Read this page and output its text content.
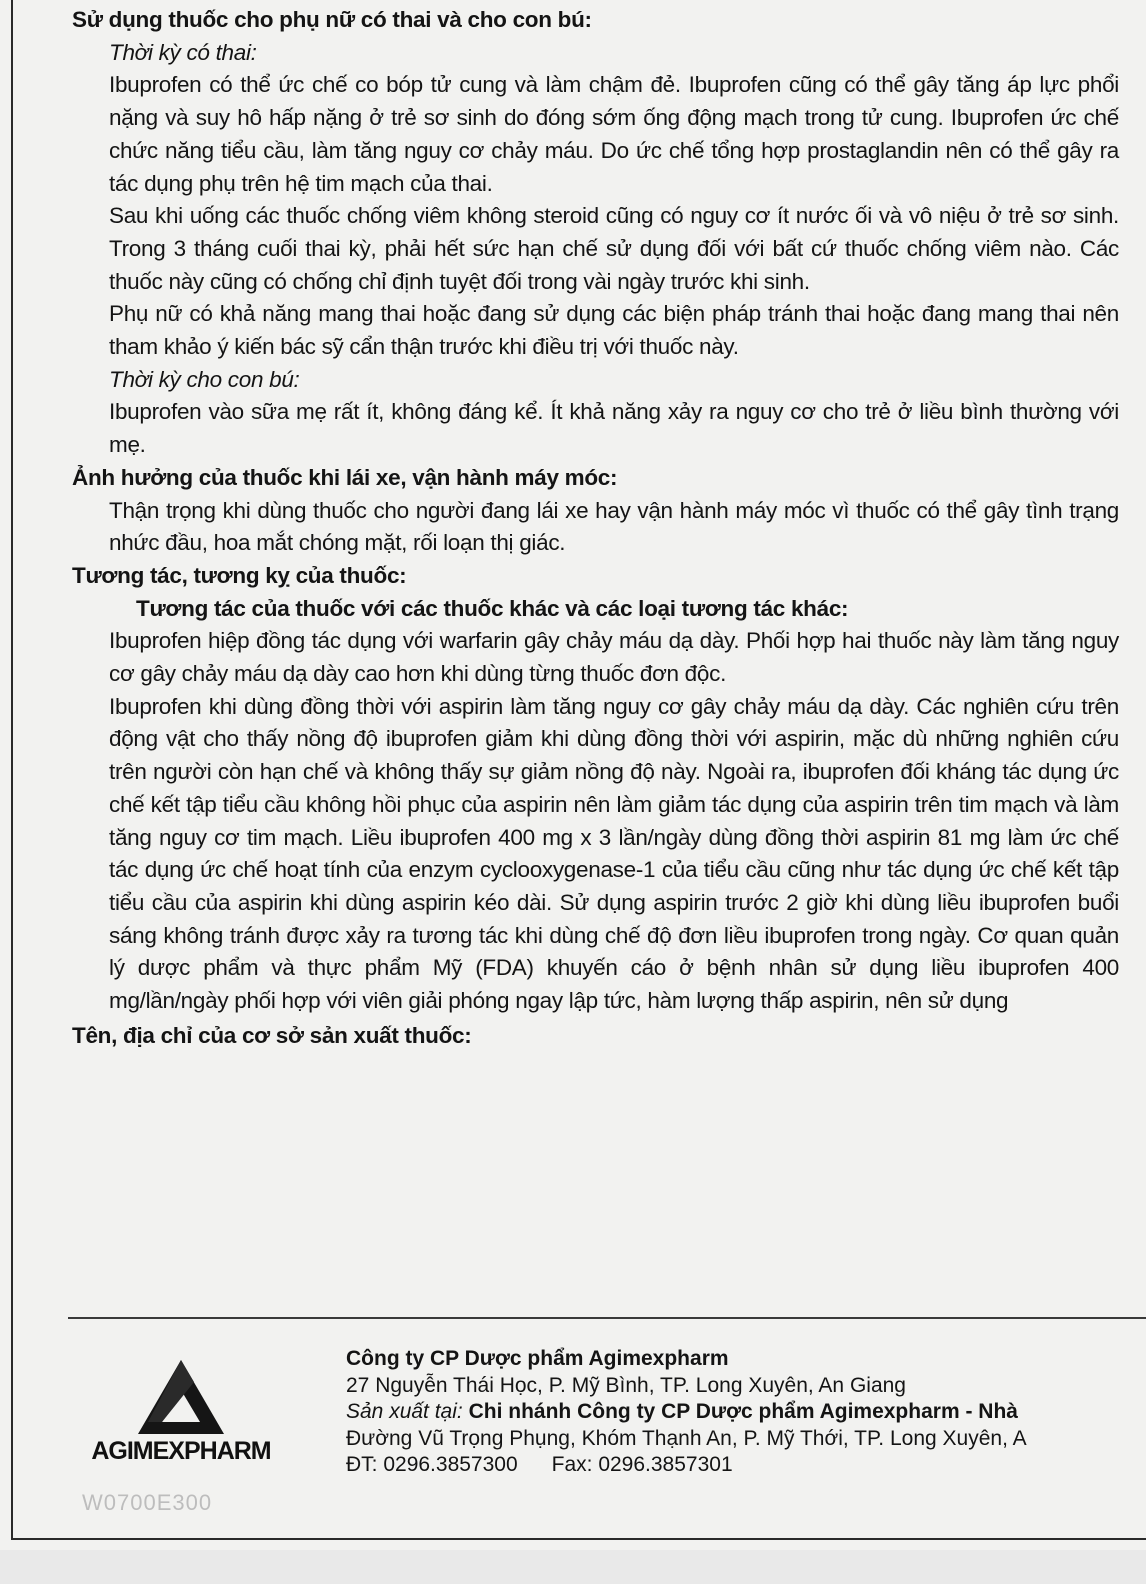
Sử dụng thuốc cho phụ nữ có thai và cho con bú:

Thời kỳ có thai:

Ibuprofen có thể ức chế co bóp tử cung và làm chậm đẻ. Ibuprofen cũng có thể gây tăng áp lực phổi nặng và suy hô hấp nặng ở trẻ sơ sinh do đóng sớm ống động mạch trong tử cung. Ibuprofen ức chế chức năng tiểu cầu, làm tăng nguy cơ chảy máu. Do ức chế tổng hợp prostaglandin nên có thể gây ra tác dụng phụ trên hệ tim mạch của thai.

Sau khi uống các thuốc chống viêm không steroid cũng có nguy cơ ít nước ối và vô niệu ở trẻ sơ sinh. Trong 3 tháng cuối thai kỳ, phải hết sức hạn chế sử dụng đối với bất cứ thuốc chống viêm nào. Các thuốc này cũng có chống chỉ định tuyệt đối trong vài ngày trước khi sinh.

Phụ nữ có khả năng mang thai hoặc đang sử dụng các biện pháp tránh thai hoặc đang mang thai nên tham khảo ý kiến bác sỹ cẩn thận trước khi điều trị với thuốc này.

Thời kỳ cho con bú:

Ibuprofen vào sữa mẹ rất ít, không đáng kể. Ít khả năng xảy ra nguy cơ cho trẻ ở liều bình thường với mẹ.

Ảnh hưởng của thuốc khi lái xe, vận hành máy móc:

Thận trọng khi dùng thuốc cho người đang lái xe hay vận hành máy móc vì thuốc có thể gây tình trạng nhức đầu, hoa mắt chóng mặt, rối loạn thị giác.

Tương tác, tương kỵ của thuốc:

Tương tác của thuốc với các thuốc khác và các loại tương tác khác:

Ibuprofen hiệp đồng tác dụng với warfarin gây chảy máu dạ dày. Phối hợp hai thuốc này làm tăng nguy cơ gây chảy máu dạ dày cao hơn khi dùng từng thuốc đơn độc.

Ibuprofen khi dùng đồng thời với aspirin làm tăng nguy cơ gây chảy máu dạ dày. Các nghiên cứu trên động vật cho thấy nồng độ ibuprofen giảm khi dùng đồng thời với aspirin, mặc dù những nghiên cứu trên người còn hạn chế và không thấy sự giảm nồng độ này. Ngoài ra, ibuprofen đối kháng tác dụng ức chế kết tập tiểu cầu không hồi phục của aspirin nên làm giảm tác dụng của aspirin trên tim mạch và làm tăng nguy cơ tim mạch. Liều ibuprofen 400 mg x 3 lần/ngày dùng đồng thời aspirin 81 mg làm ức chế tác dụng ức chế hoạt tính của enzym cyclooxygenase-1 của tiểu cầu cũng như tác dụng ức chế kết tập tiểu cầu của aspirin khi dùng aspirin kéo dài. Sử dụng aspirin trước 2 giờ khi dùng liều ibuprofen buổi sáng không tránh được xảy ra tương tác khi dùng chế độ đơn liều ibuprofen trong ngày. Cơ quan quản lý dược phẩm và thực phẩm Mỹ (FDA) khuyến cáo ở bệnh nhân sử dụng liều ibuprofen 400 mg/lần/ngày phối hợp với viên giải phóng ngay lập tức, hàm lượng thấp aspirin, nên sử dụng

Tên, địa chỉ của cơ sở sản xuất thuốc:

AGIMEXPHARM
W0700E300
Công ty CP Dược phẩm Agimexpharm
27 Nguyễn Thái Học, P. Mỹ Bình, TP. Long Xuyên, An Giang
Sản xuất tại: Chi nhánh Công ty CP Dược phẩm Agimexpharm - Nhà
Đường Vũ Trọng Phụng, Khóm Thạnh An, P. Mỹ Thới, TP. Long Xuyên, A
ĐT: 0296.3857300 Fax: 0296.3857301
